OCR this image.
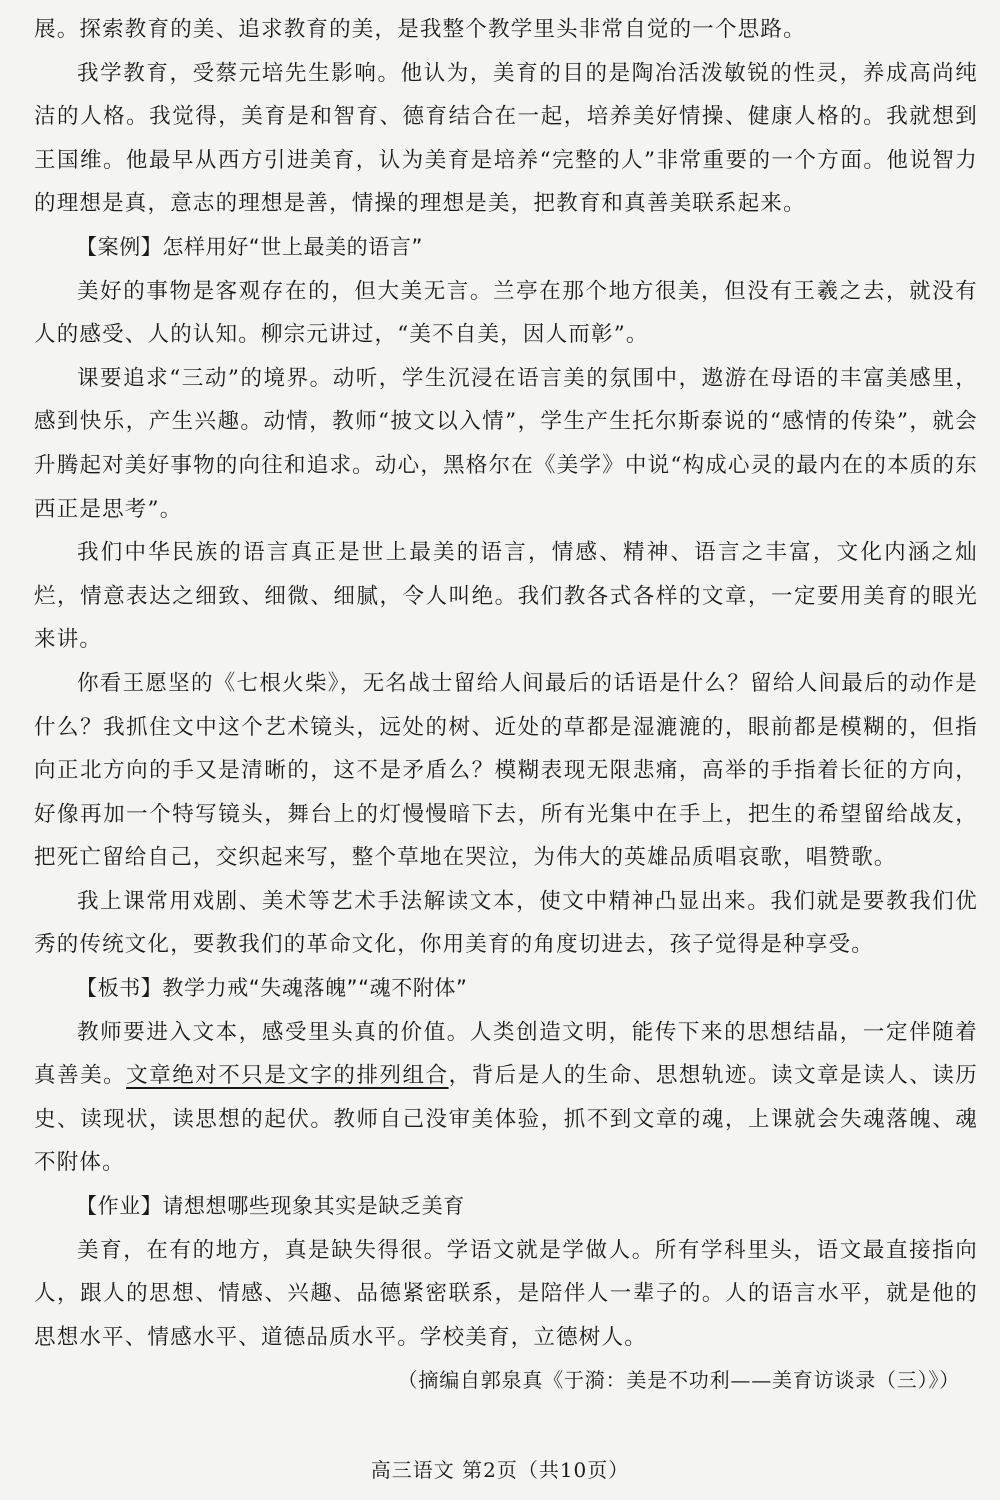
展。探索教育的美、追求教育的美，是我整个教学里头非常自觉的一个思路。

我学教育，受蔡元培先生影响。他认为，美育的目的是陶冶活泼敏锐的性灵，养成高尚纯洁的人格。我觉得，美育是和智育、德育结合在一起，培养美好情操、健康人格的。我就想到王国维。他最早从西方引进美育，认为美育是培养“完整的人”非常重要的一个方面。他说智力的理想是真，意志的理想是善，情操的理想是美，把教育和真善美联系起来。

【案例】怎样用好“世上最美的语言”

美好的事物是客观存在的，但大美无言。兰亭在那个地方很美，但没有王羲之去，就没有人的感受、人的认知。柳宗元讲过，“美不自美，因人而彰”。

课要追求“三动”的境界。动听，学生沉浸在语言美的氛围中，遨游在母语的丰富美感里，感到快乐，产生兴趣。动情，教师“披文以入情”，学生产生托尔斯泰说的“感情的传染”，就会升腾起对美好事物的向往和追求。动心，黑格尔在《美学》中说“构成心灵的最内在的本质的东西正是思考”。

我们中华民族的语言真正是世上最美的语言，情感、精神、语言之丰富，文化内涵之灿烂，情意表达之细致、细微、细腻，令人叫绝。我们教各式各样的文章，一定要用美育的眼光来讲。

你看王愿坚的《七根火柴》，无名战士留给人间最后的话语是什么？留给人间最后的动作是什么？我抓住文中这个艺术镜头，远处的树、近处的草都是湿漉漉的，眼前都是模糊的，但指向正北方向的手又是清晰的，这不是矛盾么？模糊表现无限悲痛，高举的手指着长征的方向，好像再加一个特写镜头，舞台上的灯慢慢暗下去，所有光集中在手上，把生的希望留给战友，把死亡留给自己，交织起来写，整个草地在哭泣，为伟大的英雄品质唱哀歌，唱赞歌。

我上课常用戏剧、美术等艺术手法解读文本，使文中精神凸显出来。我们就是要教我们优秀的传统文化，要教我们的革命文化，你用美育的角度切进去，孩子觉得是种享受。

【板书】教学力戒“失魂落魄”“魂不附体”

教师要进入文本，感受里头真的价值。人类创造文明，能传下来的思想结晶，一定伴随着真善美。文章绝对不只是文字的排列组合，背后是人的生命、思想轨迹。读文章是读人、读历史、读现状，读思想的起伏。教师自己没审美体验，抓不到文章的魂，上课就会失魂落魄、魂不附体。

【作业】请想想哪些现象其实是缺乏美育

美育，在有的地方，真是缺失得很。学语文就是学做人。所有学科里头，语文最直接指向人，跟人的思想、情感、兴趣、品德紧密联系，是陪伴人一辈子的。人的语言水平，就是他的思想水平、情感水平、道德品质水平。学校美育，立德树人。

（摘编自郭泉真《于漪：美是不功利——美育访谈录（三）》）

高三语文 第2页（共10页）
